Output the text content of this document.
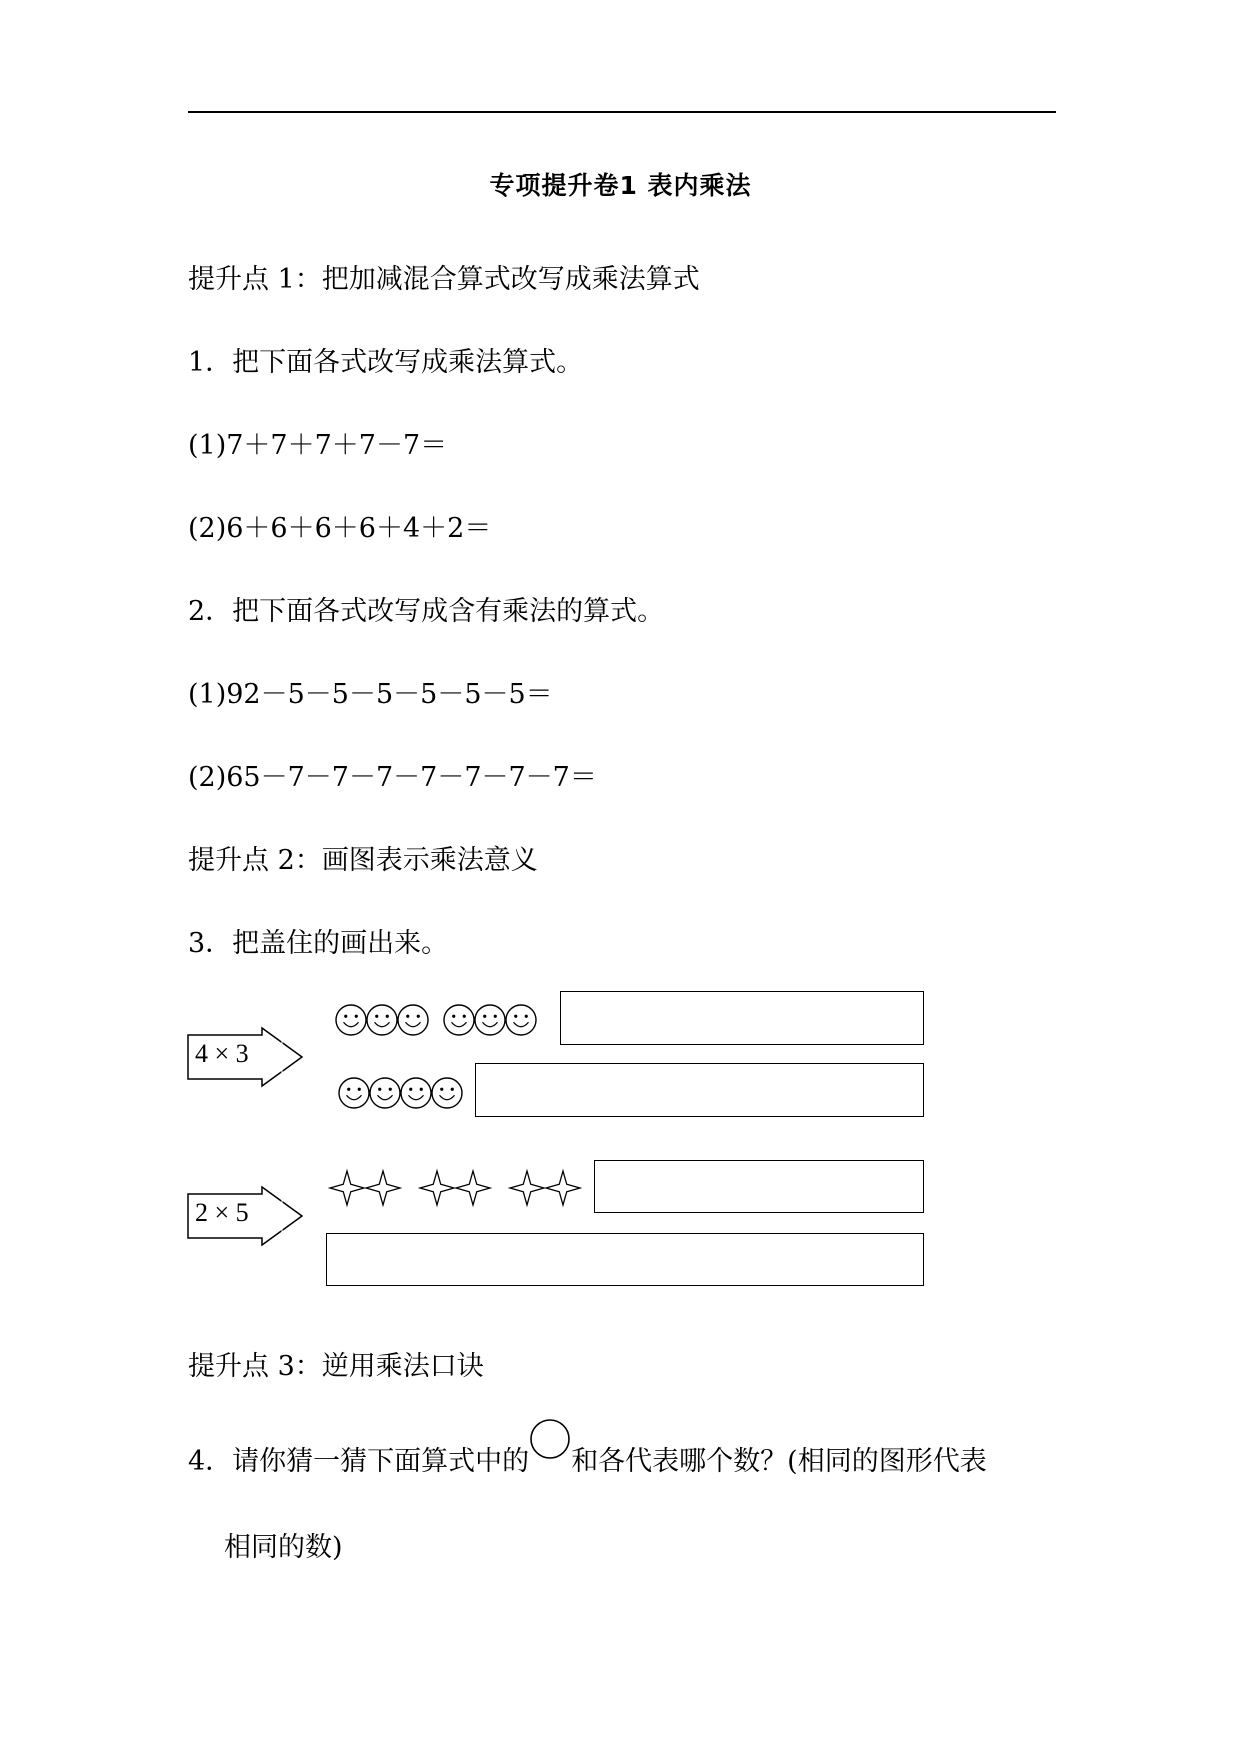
专项提升卷1 表内乘法
提升点 1：把加减混合算式改写成乘法算式
1．把下面各式改写成乘法算式。
(1)7＋7＋7＋7－7＝
(2)6＋6＋6＋6＋4＋2＝
2．把下面各式改写成含有乘法的算式。
(1)92－5－5－5－5－5－5＝
(2)65－7－7－7－7－7－7－7＝
提升点 2：画图表示乘法意义
3．把盖住的画出来。
4 × 3
2 × 5
提升点 3：逆用乘法口诀
4．请你猜一猜下面算式中的 和各代表哪个数？(相同的图形代表
相同的数)
